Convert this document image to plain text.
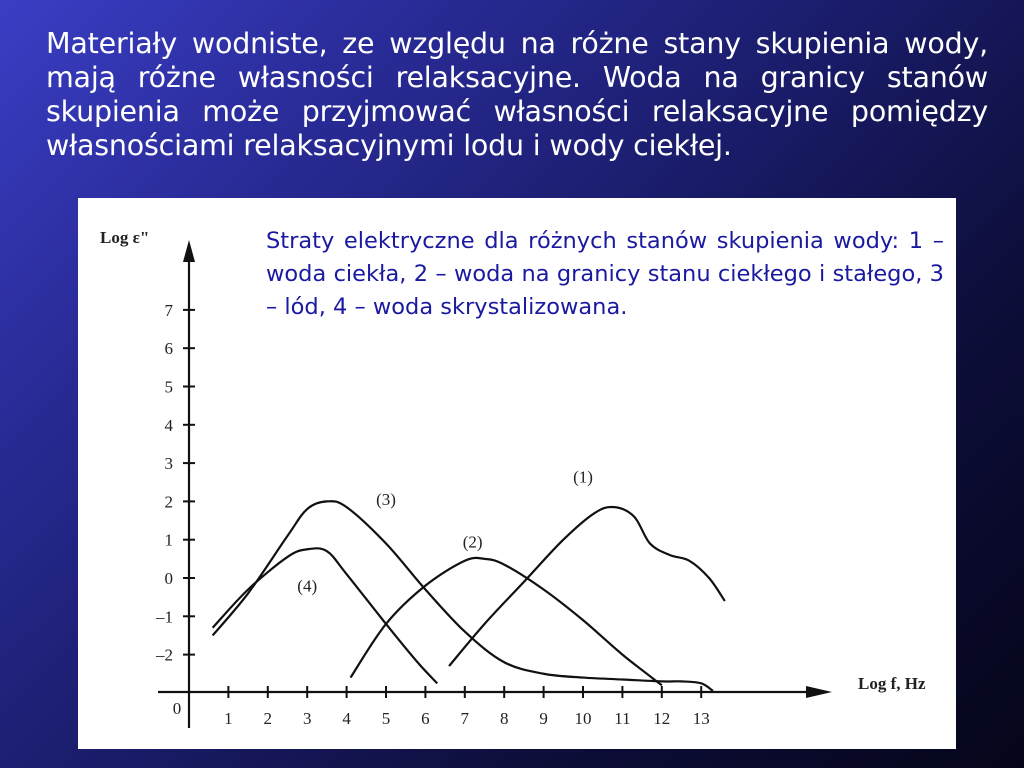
Materiały wodniste, ze względu na różne stany skupienia wody, mają różne własności relaksacyjne. Woda na granicy stanów skupienia może przyjmować własności relaksacyjne pomiędzy własnościami relaksacyjnymi lodu i wody ciekłej.
0
1 2 3 4 5 6 7 8 9 10 11 12 13
7
6
5
4
3
2
1
0
–1
–2
Log ε"
Log f, Hz
(1)
(2)
(3)
(4)
Straty elektryczne dla różnych stanów skupienia wody: 1 – woda ciekła, 2 – woda na granicy stanu ciekłego i stałego, 3 – lód, 4 – woda skrystalizowana.
